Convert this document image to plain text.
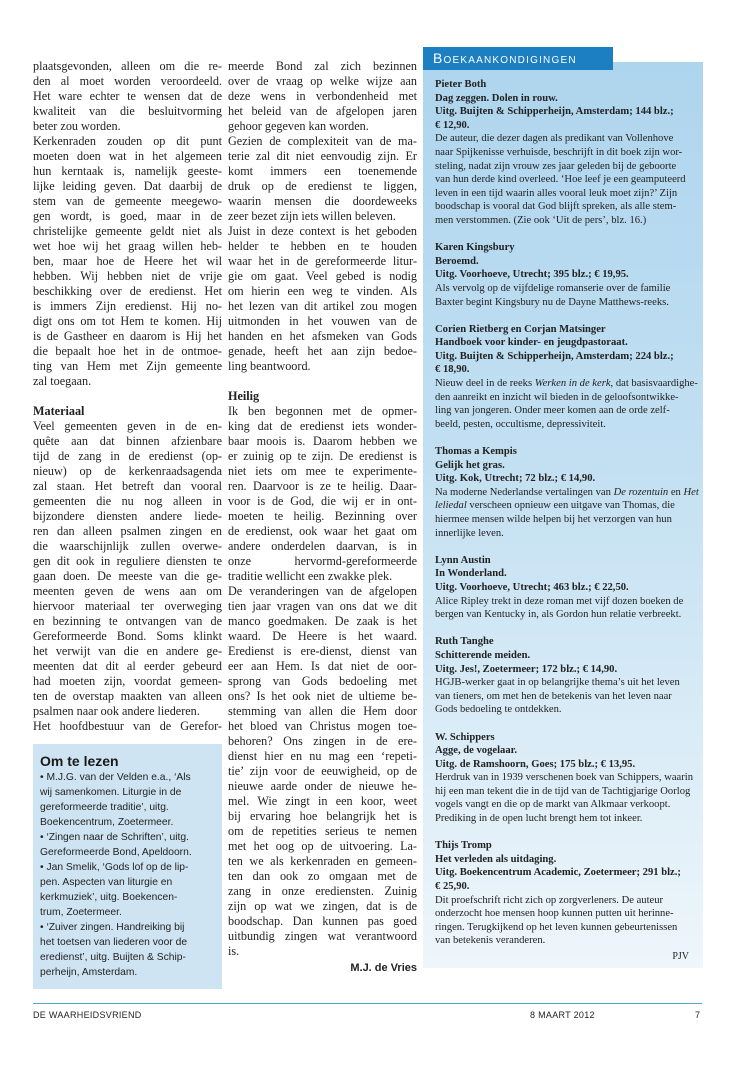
plaatsgevonden, alleen om die re-
den al moet worden veroordeeld.
Het ware echter te wensen dat de
kwaliteit van die besluitvorming
beter zou worden.
Kerkenraden zouden op dit punt
moeten doen wat in het algemeen
hun kerntaak is, namelijk geeste-
lijke leiding geven. Dat daarbij de
stem van de gemeente meegewo-
gen wordt, is goed, maar in de
christelijke gemeente geldt niet als
wet hoe wij het graag willen heb-
ben, maar hoe de Heere het wil
hebben. Wij hebben niet de vrije
beschikking over de eredienst. Het
is immers Zijn eredienst. Hij no-
digt ons om tot Hem te komen. Hij
is de Gastheer en daarom is Hij het
die bepaalt hoe het in de ontmoe-
ting van Hem met Zijn gemeente
zal toegaan.
Materiaal
Veel gemeenten geven in de en-
quête aan dat binnen afzienbare
tijd de zang in de eredienst (op-
nieuw) op de kerkenraadsagenda
zal staan. Het betreft dan vooral
gemeenten die nu nog alleen in
bijzondere diensten andere liede-
ren dan alleen psalmen zingen en
die waarschijnlijk zullen overwe-
gen dit ook in reguliere diensten te
gaan doen. De meeste van die ge-
meenten geven de wens aan om
hiervoor materiaal ter overweging
en bezinning te ontvangen van de
Gereformeerde Bond. Soms klinkt
het verwijt van die en andere ge-
meenten dat dit al eerder gebeurd
had moeten zijn, voordat gemeen-
ten de overstap maakten van alleen
psalmen naar ook andere liederen.
Het hoofdbestuur van de Gerefor-
meerde Bond zal zich bezinnen
over de vraag op welke wijze aan
deze wens in verbondenheid met
het beleid van de afgelopen jaren
gehoor gegeven kan worden.
Gezien de complexiteit van de ma-
terie zal dit niet eenvoudig zijn. Er
komt immers een toenemende
druk op de eredienst te liggen,
waarin mensen die doordeweeks
zeer bezet zijn iets willen beleven.
Juist in deze context is het geboden
helder te hebben en te houden
waar het in de gereformeerde litur-
gie om gaat. Veel gebed is nodig
om hierin een weg te vinden. Als
het lezen van dit artikel zou mogen
uitmonden in het vouwen van de
handen en het afsmeken van Gods
genade, heeft het aan zijn bedoe-
ling beantwoord.
Heilig
Ik ben begonnen met de opmer-
king dat de eredienst iets wonder-
baar moois is. Daarom hebben we
er zuinig op te zijn. De eredienst is
niet iets om mee te experimente-
ren. Daarvoor is ze te heilig. Daar-
voor is de God, die wij er in ont-
moeten te heilig. Bezinning over
de eredienst, ook waar het gaat om
andere onderdelen daarvan, is in
onze hervormd-gereformeerde
traditie wellicht een zwakke plek.
De veranderingen van de afgelopen
tien jaar vragen van ons dat we dit
manco goedmaken. De zaak is het
waard. De Heere is het waard.
Eredienst is ere-dienst, dienst van
eer aan Hem. Is dat niet de oor-
sprong van Gods bedoeling met
ons? Is het ook niet de ultieme be-
stemming van allen die Hem door
het bloed van Christus mogen toe-
behoren? Ons zingen in de ere-
dienst hier en nu mag een ‘repeti-
tie’ zijn voor de eeuwigheid, op de
nieuwe aarde onder de nieuwe he-
mel. Wie zingt in een koor, weet
bij ervaring hoe belangrijk het is
om de repetities serieus te nemen
met het oog op de uitvoering. La-
ten we als kerkenraden en gemeen-
ten dan ook zo omgaan met de
zang in onze erediensten. Zuinig
zijn op wat we zingen, dat is de
boodschap. Dan kunnen pas goed
uitbundig zingen wat verantwoord
is.
M.J. de Vries
Om te lezen
• M.J.G. van der Velden e.a., ‘Als
wij samenkomen. Liturgie in de
gereformeerde traditie’, uitg.
Boekencentrum, Zoetermeer.
• ‘Zingen naar de Schriften’, uitg.
Gereformeerde Bond, Apeldoorn.
• Jan Smelik, ‘Gods lof op de lip-
pen. Aspecten van liturgie en
kerkmuziek’, uitg. Boekencen-
trum, Zoetermeer.
• ‘Zuiver zingen. Handreiking bij
het toetsen van liederen voor de
eredienst’, uitg. Buijten & Schip-
perheijn, Amsterdam.
Pieter Both
Dag zeggen. Dolen in rouw.
Uitg. Buijten & Schipperheijn, Amsterdam; 144 blz.;
€ 12,90.
De auteur, die dezer dagen als predikant van Vollenhove
naar Spijkenisse verhuisde, beschrijft in dit boek zijn wor-
steling, nadat zijn vrouw zes jaar geleden bij de geboorte
van hun derde kind overleed. ‘Hoe leef je een geamputeerd
leven in een tijd waarin alles vooral leuk moet zijn?’ Zijn
boodschap is vooral dat God blijft spreken, als alle stem-
men verstommen. (Zie ook ‘Uit de pers’, blz. 16.)
Karen Kingsbury
Beroemd.
Uitg. Voorhoeve, Utrecht; 395 blz.; € 19,95.
Als vervolg op de vijfdelige romanserie over de familie
Baxter begint Kingsbury nu de Dayne Matthews-reeks.
Corien Rietberg en Corjan Matsinger
Handboek voor kinder- en jeugdpastoraat.
Uitg. Buijten & Schipperheijn, Amsterdam; 224 blz.;
€ 18,90.
Nieuw deel in de reeks Werken in de kerk, dat basisvaardighe-
den aanreikt en inzicht wil bieden in de geloofsontwikke-
ling van jongeren. Onder meer komen aan de orde zelf-
beeld, pesten, occultisme, depressiviteit.
Thomas a Kempis
Gelijk het gras.
Uitg. Kok, Utrecht; 72 blz.; € 14,90.
Na moderne Nederlandse vertalingen van De rozentuin en Het
leliedal verscheen opnieuw een uitgave van Thomas, die
hiermee mensen wilde helpen bij het verzorgen van hun
innerlijke leven.
Lynn Austin
In Wonderland.
Uitg. Voorhoeve, Utrecht; 463 blz.; € 22,50.
Alice Ripley trekt in deze roman met vijf dozen boeken de
bergen van Kentucky in, als Gordon hun relatie verbreekt.
Ruth Tanghe
Schitterende meiden.
Uitg. Jes!, Zoetermeer; 172 blz.; € 14,90.
HGJB-werker gaat in op belangrijke thema’s uit het leven
van tieners, om met hen de betekenis van het leven naar
Gods bedoeling te ontdekken.
W. Schippers
Agge, de vogelaar.
Uitg. de Ramshoorn, Goes; 175 blz.; € 13,95.
Herdruk van in 1939 verschenen boek van Schippers, waarin
hij een man tekent die in de tijd van de Tachtigjarige Oorlog
vogels vangt en die op de markt van Alkmaar verkoopt.
Prediking in de open lucht brengt hem tot inkeer.
Thijs Tromp
Het verleden als uitdaging.
Uitg. Boekencentrum Academic, Zoetermeer; 291 blz.;
€ 25,90.
Dit proefschrift richt zich op zorgverleners. De auteur
onderzocht hoe mensen hoop kunnen putten uit herinne-
ringen. Terugkijkend op het leven kunnen gebeurtenissen
van betekenis veranderen.
PJV
Boekaankondigingen
DE WAARHEIDSVRIEND	8 MAART 2012	7
